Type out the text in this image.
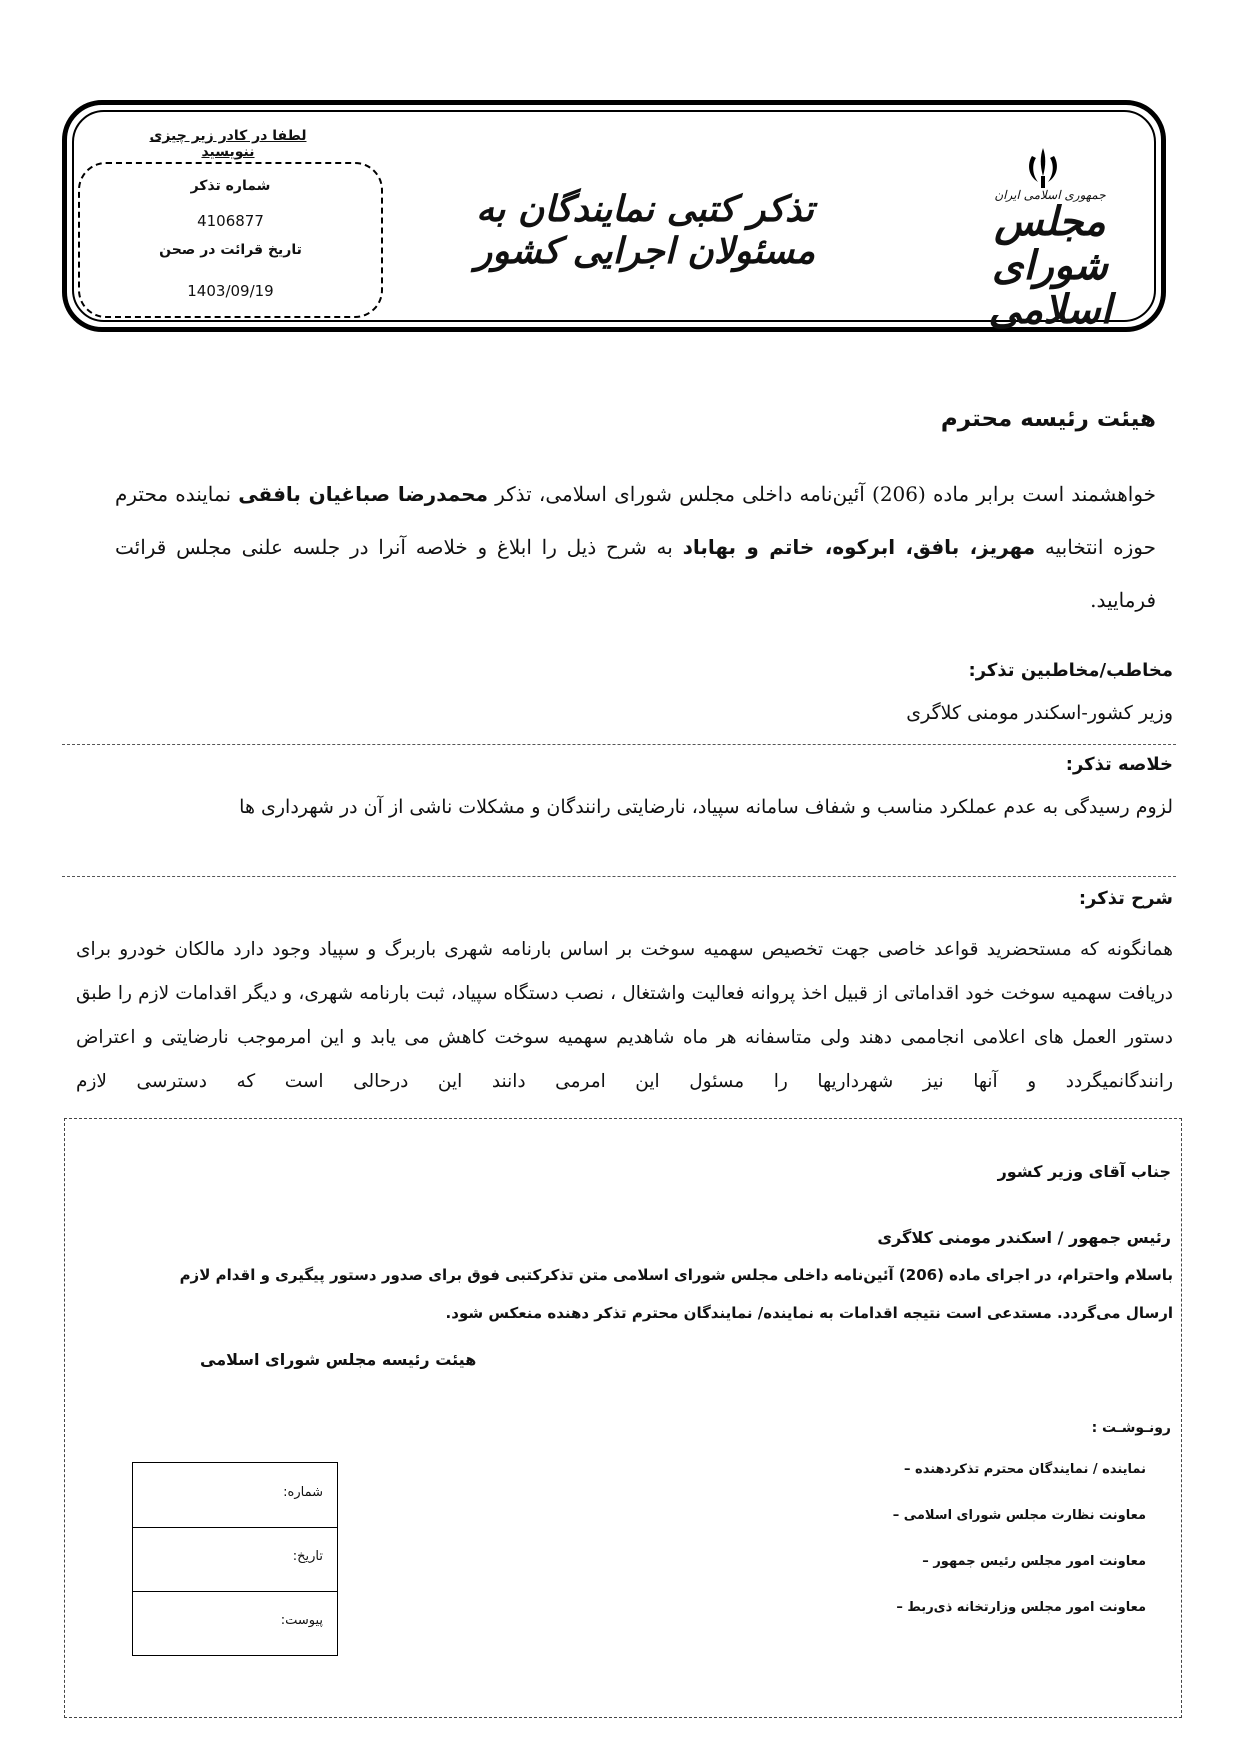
لطفا در کادر زیر چیزی ننویسید
شماره تذکر
4106877
تاریخ قرائت در صحن
1403/09/19
تذکر کتبی نمایندگان به مسئولان اجرایی کشور
جمهوری اسلامی ایران
مجلس شورای اسلامی
هیئت رئیسه محترم
خواهشمند است برابر ماده (206) آئین‌نامه داخلی مجلس شورای اسلامی، تذکر محمدرضا صباغیان بافقی نماینده محترم حوزه انتخابیه مهریز، بافق، ابرکوه، خاتم و بهاباد به شرح ذیل را ابلاغ و خلاصه آنرا در جلسه علنی مجلس قرائت فرمایید.
مخاطب/مخاطبین تذکر:
وزیر کشور-اسکندر مومنی کلاگری
خلاصه تذکر:
لزوم رسیدگی به عدم عملکرد مناسب و شفاف سامانه سپیاد، نارضایتی رانندگان و مشکلات ناشی از آن در شهرداری ها
شرح تذکر:
همانگونه که مستحضرید قواعد خاصی جهت تخصیص سهمیه سوخت بر اساس بارنامه شهری باربرگ و سپیاد وجود دارد مالکان خودرو برای دریافت سهمیه سوخت خود اقداماتی از قبیل اخذ پروانه فعالیت واشتغال ، نصب دستگاه سپیاد، ثبت بارنامه شهری، و دیگر اقدامات لازم را طبق دستور العمل های اعلامی انجاممی دهند ولی متاسفانه هر ماه شاهدیم سهمیه سوخت کاهش می یابد و این امرموجب نارضایتی و اعتراض رانندگانمیگردد و آنها نیز شهرداریها را مسئول این امرمی دانند این درحالی است که دسترسی لازم
جناب آقای وزیر کشور
رئیس جمهور / اسکندر مومنی کلاگری
باسلام واحترام، در اجرای ماده (206) آئین‌نامه داخلی مجلس شورای اسلامی متن تذکرکتبی فوق برای صدور دستور پیگیری و اقدام لازم ارسال می‌گردد. مستدعی است نتیجه اقدامات به نماینده/ نمایندگان محترم تذکر دهنده منعکس شود.
هیئت رئیسه مجلس شورای اسلامی
رونـوشـت :
نماینده / نمایندگان محترم تذکردهنده –
معاونت نظارت مجلس شورای اسلامی –
معاونت امور مجلس رئیس جمهور –
معاونت امور مجلس وزارتخانه ذی‌ربط –
شماره:
تاریخ:
پیوست:
